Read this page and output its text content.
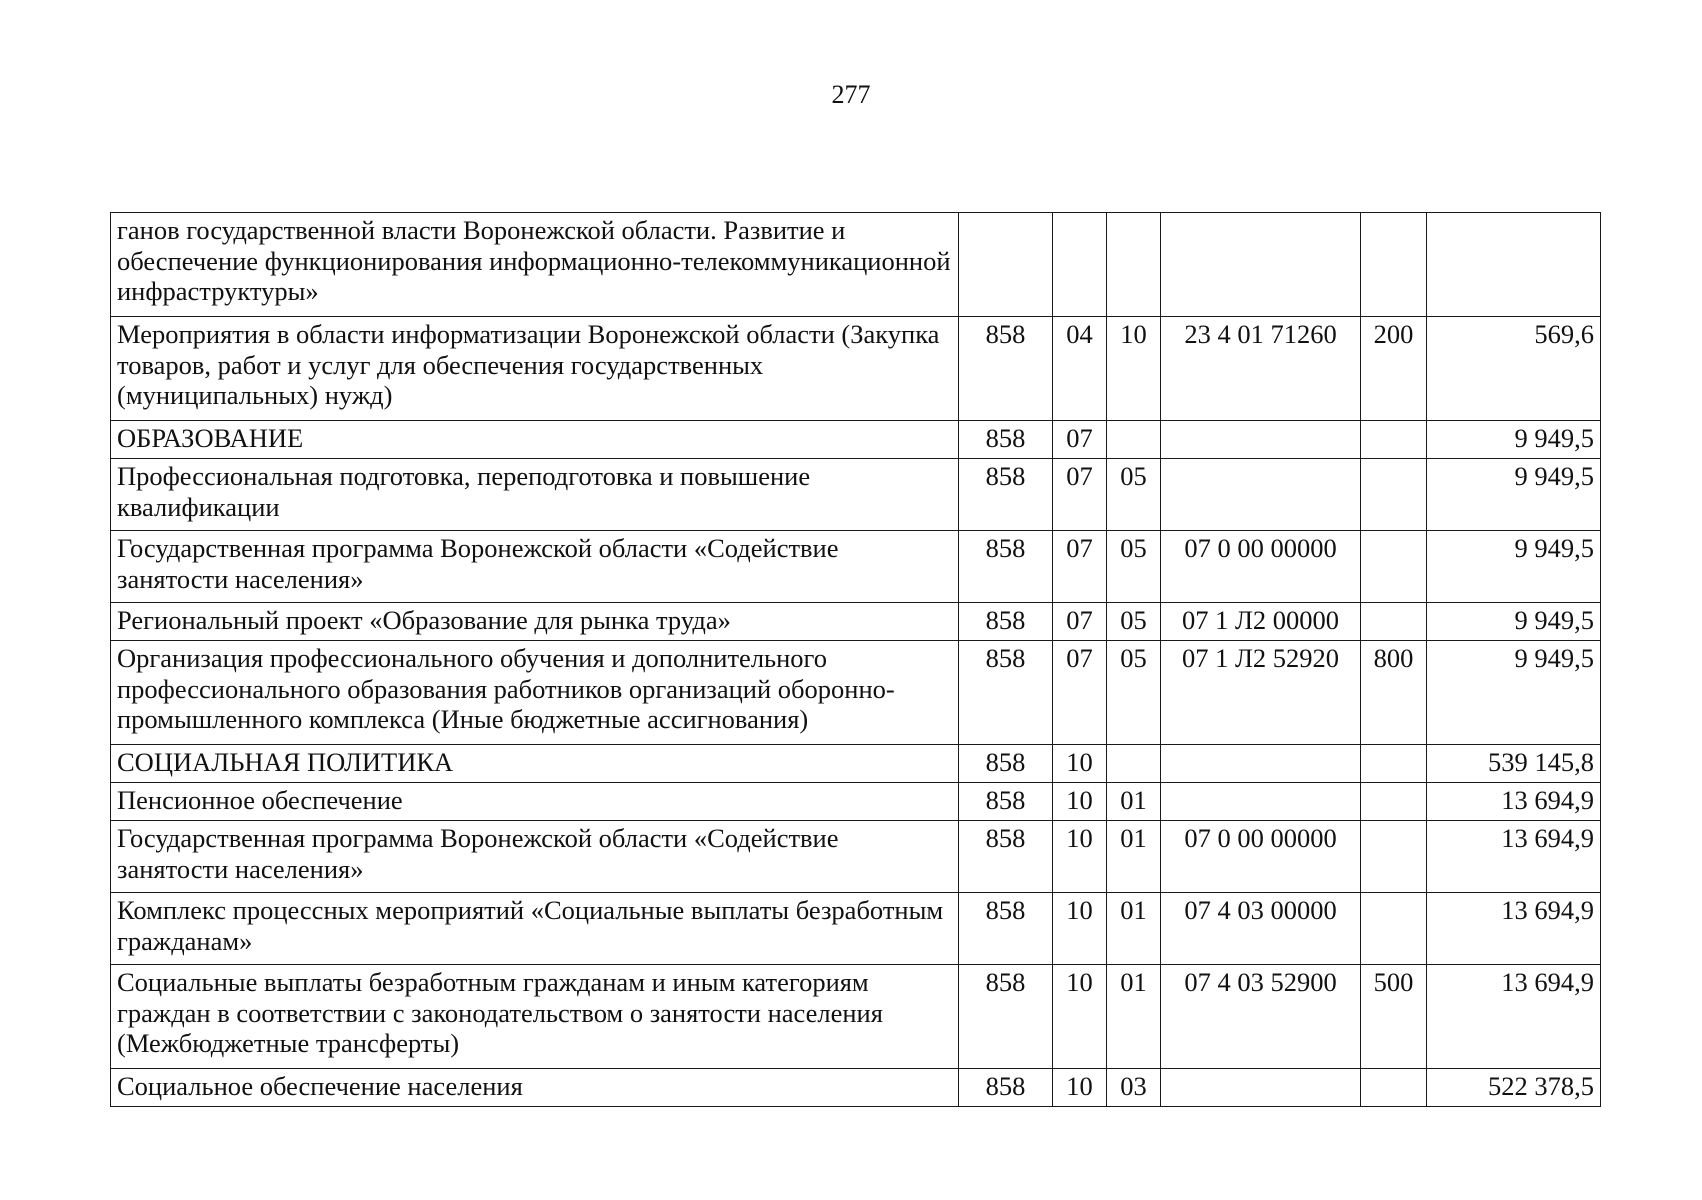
277
ганов государственной власти Воронежской области. Развитие и обеспечение функционирования информационно-телекоммуникационной инфраструктуры»						
Мероприятия в области информатизации Воронежской области (Закупка товаров, работ и услуг для обеспечения государственных (муниципальных) нужд)	858	04	10	23 4 01 71260	200	569,6
ОБРАЗОВАНИЕ	858	07				9 949,5
Профессиональная подготовка, переподготовка и повышение квалификации	858	07	05			9 949,5
Государственная программа Воронежской области «Содействие занятости населения»	858	07	05	07 0 00 00000		9 949,5
Региональный проект «Образование для рынка труда»	858	07	05	07 1 Л2 00000		9 949,5
Организация профессионального обучения и дополнительного профессионального образования работников организаций оборонно-промышленного комплекса (Иные бюджетные ассигнования)	858	07	05	07 1 Л2 52920	800	9 949,5
СОЦИАЛЬНАЯ ПОЛИТИКА	858	10				539 145,8
Пенсионное обеспечение	858	10	01			13 694,9
Государственная программа Воронежской области «Содействие занятости населения»	858	10	01	07 0 00 00000		13 694,9
Комплекс процессных мероприятий «Социальные выплаты безработным гражданам»	858	10	01	07 4 03 00000		13 694,9
Социальные выплаты безработным гражданам и иным категориям граждан в соответствии с законодательством о занятости населения (Межбюджетные трансферты)	858	10	01	07 4 03 52900	500	13 694,9
Социальное обеспечение населения	858	10	03			522 378,5
